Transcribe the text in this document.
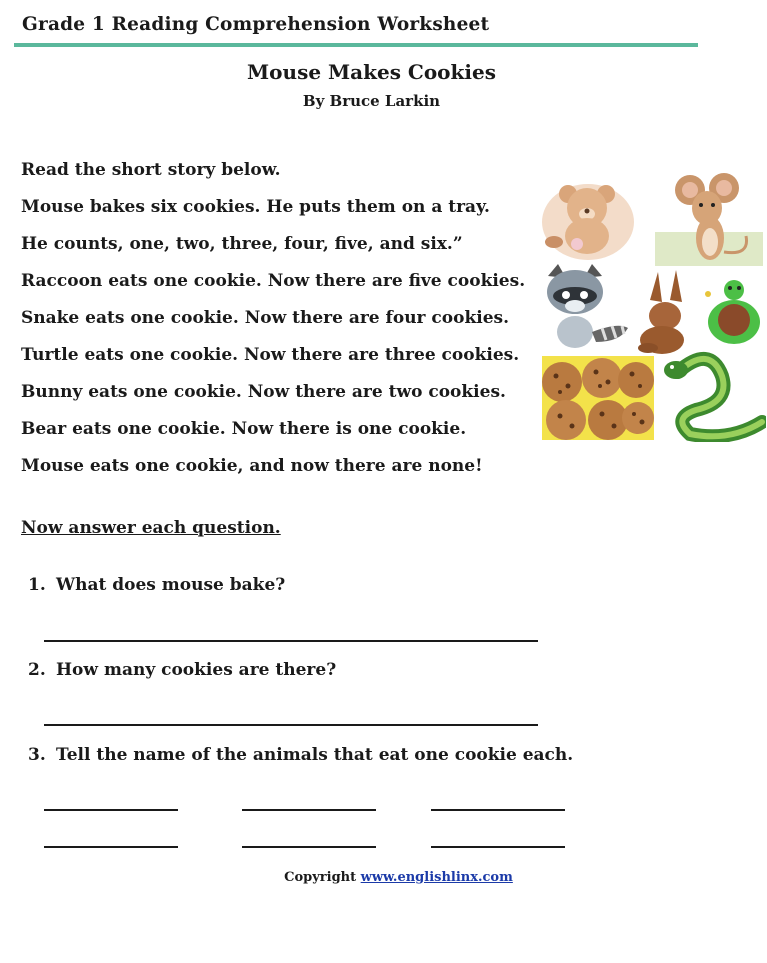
Grade 1 Reading Comprehension Worksheet
Mouse Makes Cookies
By Bruce Larkin
Read the short story below.
Mouse bakes six cookies. He puts them on a tray.
He counts, one, two, three, four, five, and six.”
Raccoon eats one cookie. Now there are five cookies.
Snake eats one cookie. Now there are four cookies.
Turtle eats one cookie. Now there are three cookies.
Bunny eats one cookie. Now there are two cookies.
Bear eats one cookie. Now there is one cookie.
Mouse eats one cookie, and now there are none!
Now answer each question.
1. What does mouse bake?
2. How many cookies are there?
3. Tell the name of the animals that eat one cookie each.
Copyright www.englishlinx.com
